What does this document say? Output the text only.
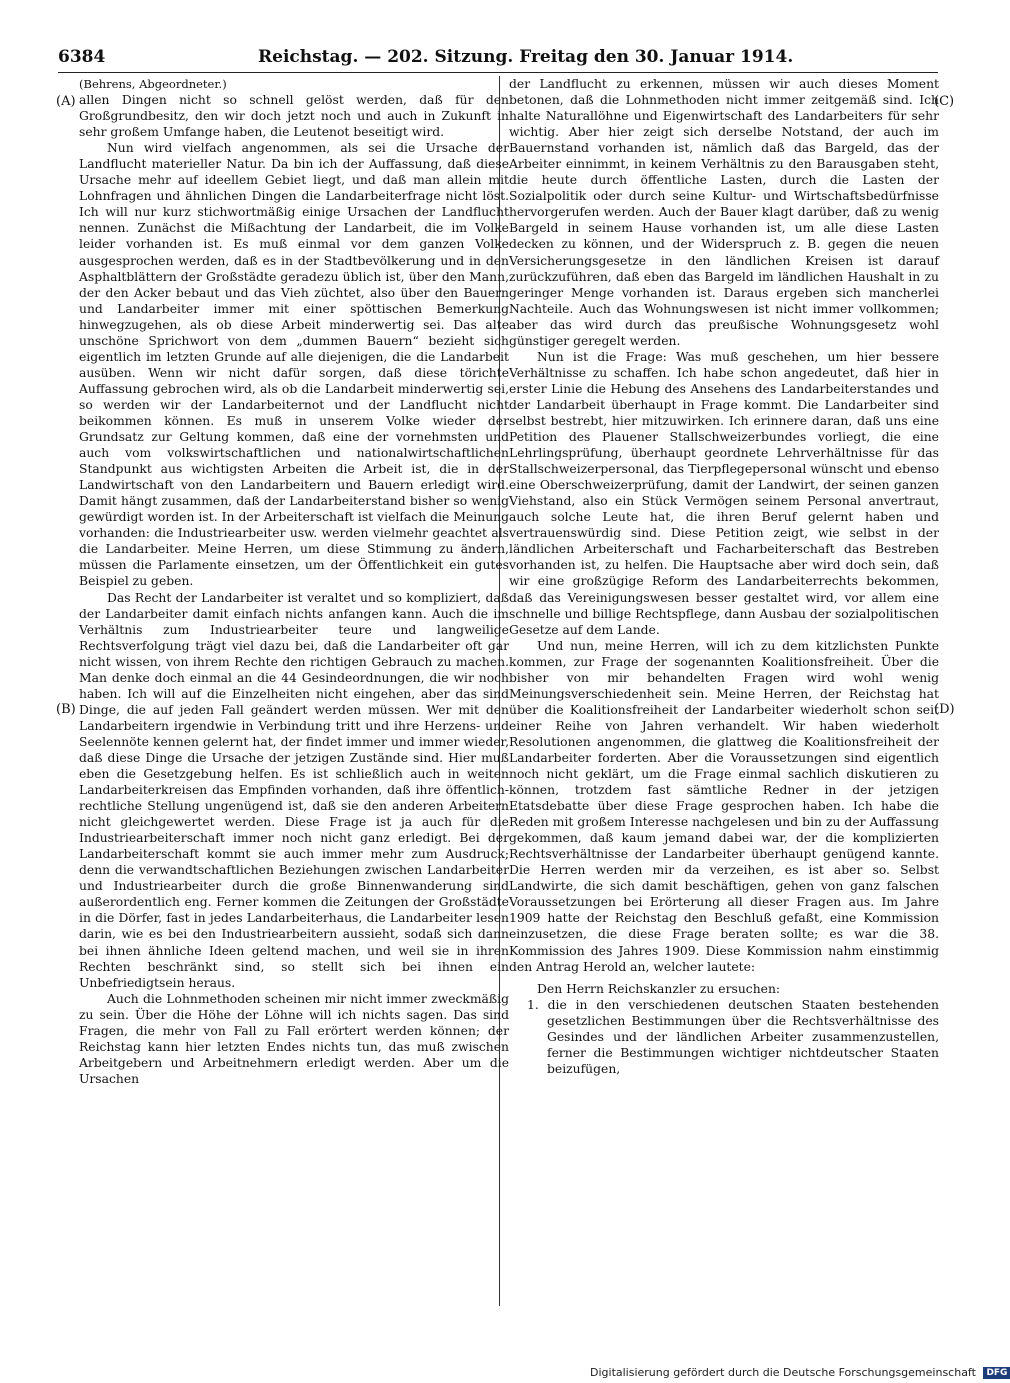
6384	Reichstag. — 202. Sitzung. Freitag den 30. Januar 1914.
(A)
(B)
(C)
(D)

(Behrens, Abgeordneter.)

allen Dingen nicht so schnell gelöst werden, daß für den Großgrundbesitz, den wir doch jetzt noch und auch in Zukunft in sehr großem Umfange haben, die Leutenot beseitigt wird.

Nun wird vielfach angenommen, als sei die Ursache der Landflucht materieller Natur. Da bin ich der Auffassung, daß diese Ursache mehr auf ideellem Gebiet liegt, und daß man allein mit Lohnfragen und ähnlichen Dingen die Landarbeiterfrage nicht löst. Ich will nur kurz stichwortmäßig einige Ursachen der Landflucht nennen. Zunächst die Mißachtung der Landarbeit, die im Volke leider vorhanden ist. Es muß einmal vor dem ganzen Volke ausgesprochen werden, daß es in der Stadtbevölkerung und in den Asphaltblättern der Großstädte geradezu üblich ist, über den Mann, der den Acker bebaut und das Vieh züchtet, also über den Bauern und Landarbeiter immer mit einer spöttischen Bemerkung hinwegzugehen, als ob diese Arbeit minderwertig sei. Das alte unschöne Sprichwort von dem „dummen Bauern“ bezieht sich eigentlich im letzten Grunde auf alle diejenigen, die die Landarbeit ausüben. Wenn wir nicht dafür sorgen, daß diese törichte Auffassung gebrochen wird, als ob die Landarbeit minderwertig sei, so werden wir der Landarbeiternot und der Landflucht nicht beikommen können. Es muß in unserem Volke wieder der Grundsatz zur Geltung kommen, daß eine der vornehmsten und auch vom volkswirtschaftlichen und nationalwirtschaftlichen Standpunkt aus wichtigsten Arbeiten die Arbeit ist, die in der Landwirtschaft von den Landarbeitern und Bauern erledigt wird. Damit hängt zusammen, daß der Landarbeiterstand bisher so wenig gewürdigt worden ist. In der Arbeiterschaft ist vielfach die Meinung vorhanden: die Industriearbeiter usw. werden vielmehr geachtet als die Landarbeiter. Meine Herren, um diese Stimmung zu ändern, müssen die Parlamente einsetzen, um der Öffentlichkeit ein gutes Beispiel zu geben.

Das Recht der Landarbeiter ist veraltet und so kompliziert, daß der Landarbeiter damit einfach nichts anfangen kann. Auch die im Verhältnis zum Industriearbeiter teure und langweilige Rechtsverfolgung trägt viel dazu bei, daß die Landarbeiter oft gar nicht wissen, von ihrem Rechte den richtigen Gebrauch zu machen. Man denke doch einmal an die 44 Gesindeordnungen, die wir noch haben. Ich will auf die Einzelheiten nicht eingehen, aber das sind Dinge, die auf jeden Fall geändert werden müssen. Wer mit den Landarbeitern irgendwie in Verbindung tritt und ihre Herzens- und Seelennöte kennen gelernt hat, der findet immer und immer wieder, daß diese Dinge die Ursache der jetzigen Zustände sind. Hier muß eben die Gesetzgebung helfen. Es ist schließlich auch in weiten Landarbeiterkreisen das Empfinden vorhanden, daß ihre öffentlich-rechtliche Stellung ungenügend ist, daß sie den anderen Arbeitern nicht gleichgewertet werden. Diese Frage ist ja auch für die Industriearbeiterschaft immer noch nicht ganz erledigt. Bei der Landarbeiterschaft kommt sie auch immer mehr zum Ausdruck; denn die verwandtschaftlichen Beziehungen zwischen Landarbeiter und Industriearbeiter durch die große Binnenwanderung sind außerordentlich eng. Ferner kommen die Zeitungen der Großstädte in die Dörfer, fast in jedes Landarbeiterhaus, die Landarbeiter lesen darin, wie es bei den Industriearbeitern aussieht, sodaß sich dann bei ihnen ähnliche Ideen geltend machen, und weil sie in ihren Rechten beschränkt sind, so stellt sich bei ihnen ein Unbefriedigtsein heraus.

Auch die Lohnmethoden scheinen mir nicht immer zweckmäßig zu sein. Über die Höhe der Löhne will ich nichts sagen. Das sind Fragen, die mehr von Fall zu Fall erörtert werden können; der Reichstag kann hier letzten Endes nichts tun, das muß zwischen Arbeitgebern und Arbeitnehmern erledigt werden. Aber um die Ursachen

der Landflucht zu erkennen, müssen wir auch dieses Moment betonen, daß die Lohnmethoden nicht immer zeitgemäß sind. Ich halte Naturallöhne und Eigenwirtschaft des Landarbeiters für sehr wichtig. Aber hier zeigt sich derselbe Notstand, der auch im Bauernstand vorhanden ist, nämlich daß das Bargeld, das der Arbeiter einnimmt, in keinem Verhältnis zu den Barausgaben steht, die heute durch öffentliche Lasten, durch die Lasten der Sozialpolitik oder durch seine Kultur- und Wirtschaftsbedürfnisse hervorgerufen werden. Auch der Bauer klagt darüber, daß zu wenig Bargeld in seinem Hause vorhanden ist, um alle diese Lasten decken zu können, und der Widerspruch z. B. gegen die neuen Versicherungsgesetze in den ländlichen Kreisen ist darauf zurückzuführen, daß eben das Bargeld im ländlichen Haushalt in zu geringer Menge vorhanden ist. Daraus ergeben sich mancherlei Nachteile. Auch das Wohnungswesen ist nicht immer vollkommen; aber das wird durch das preußische Wohnungsgesetz wohl günstiger geregelt werden.

Nun ist die Frage: Was muß geschehen, um hier bessere Verhältnisse zu schaffen. Ich habe schon angedeutet, daß hier in erster Linie die Hebung des Ansehens des Landarbeiterstandes und der Landarbeit überhaupt in Frage kommt. Die Landarbeiter sind selbst bestrebt, hier mitzuwirken. Ich erinnere daran, daß uns eine Petition des Plauener Stallschweizerbundes vorliegt, die eine Lehrlingsprüfung, überhaupt geordnete Lehrverhältnisse für das Stallschweizerpersonal, das Tierpflegepersonal wünscht und ebenso eine Oberschweizerprüfung, damit der Landwirt, der seinen ganzen Viehstand, also ein Stück Vermögen seinem Personal anvertraut, auch solche Leute hat, die ihren Beruf gelernt haben und vertrauenswürdig sind. Diese Petition zeigt, wie selbst in der ländlichen Arbeiterschaft und Facharbeiterschaft das Bestreben vorhanden ist, zu helfen. Die Hauptsache aber wird doch sein, daß wir eine großzügige Reform des Landarbeiterrechts bekommen, daß das Vereinigungswesen besser gestaltet wird, vor allem eine schnelle und billige Rechtspflege, dann Ausbau der sozialpolitischen Gesetze auf dem Lande.

Und nun, meine Herren, will ich zu dem kitzlichsten Punkte kommen, zur Frage der sogenannten Koalitionsfreiheit. Über die bisher von mir behandelten Fragen wird wohl wenig Meinungsverschiedenheit sein. Meine Herren, der Reichstag hat über die Koalitionsfreiheit der Landarbeiter wiederholt schon seit einer Reihe von Jahren verhandelt. Wir haben wiederholt Resolutionen angenommen, die glattweg die Koalitionsfreiheit der Landarbeiter forderten. Aber die Voraussetzungen sind eigentlich noch nicht geklärt, um die Frage einmal sachlich diskutieren zu können, trotzdem fast sämtliche Redner in der jetzigen Etatsdebatte über diese Frage gesprochen haben. Ich habe die Reden mit großem Interesse nachgelesen und bin zu der Auffassung gekommen, daß kaum jemand dabei war, der die komplizierten Rechtsverhältnisse der Landarbeiter überhaupt genügend kannte. Die Herren werden mir da verzeihen, es ist aber so. Selbst Landwirte, die sich damit beschäftigen, gehen von ganz falschen Voraussetzungen bei Erörterung all dieser Fragen aus. Im Jahre 1909 hatte der Reichstag den Beschluß gefaßt, eine Kommission einzusetzen, die diese Frage beraten sollte; es war die 38. Kommission des Jahres 1909. Diese Kommission nahm einstimmig den Antrag Herold an, welcher lautete:

Den Herrn Reichskanzler zu ersuchen:

1. die in den verschiedenen deutschen Staaten bestehenden gesetzlichen Bestimmungen über die Rechtsverhältnisse des Gesindes und der ländlichen Arbeiter zusammenzustellen, ferner die Bestimmungen wichtiger nichtdeutscher Staaten beizufügen,

Digitalisierung gefördert durch die Deutsche Forschungsgemeinschaft DFG
